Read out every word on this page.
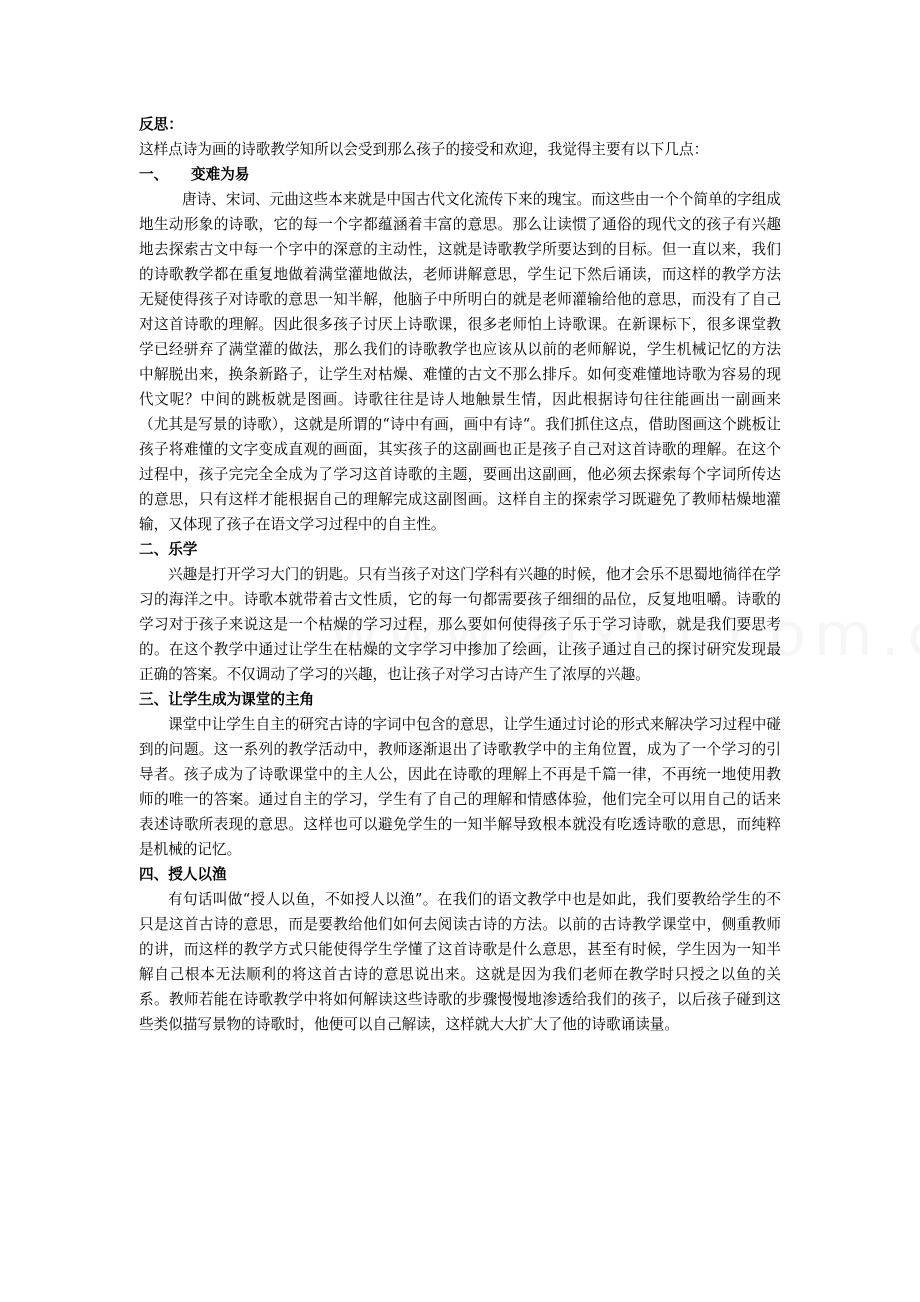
反思：

这样点诗为画的诗歌教学知所以会受到那么孩子的接受和欢迎，我觉得主要有以下几点：

一、 变难为易

唐诗、宋词、元曲这些本来就是中国古代文化流传下来的瑰宝。而这些由一个个简单的字组成地生动形象的诗歌，它的每一个字都蕴涵着丰富的意思。那么让读惯了通俗的现代文的孩子有兴趣地去探索古文中每一个字中的深意的主动性，这就是诗歌教学所要达到的目标。但一直以来，我们的诗歌教学都在重复地做着满堂灌地做法，老师讲解意思，学生记下然后诵读，而这样的教学方法无疑使得孩子对诗歌的意思一知半解，他脑子中所明白的就是老师灌输给他的意思，而没有了自己对这首诗歌的理解。因此很多孩子讨厌上诗歌课，很多老师怕上诗歌课。在新课标下，很多课堂教学已经骈弃了满堂灌的做法，那么我们的诗歌教学也应该从以前的老师解说，学生机械记忆的方法中解脱出来，换条新路子，让学生对枯燥、难懂的古文不那么排斥。如何变难懂地诗歌为容易的现代文呢？中间的跳板就是图画。诗歌往往是诗人地触景生情，因此根据诗句往往能画出一副画来（尤其是写景的诗歌），这就是所谓的“诗中有画，画中有诗“。我们抓住这点，借助图画这个跳板让孩子将难懂的文字变成直观的画面，其实孩子的这副画也正是孩子自己对这首诗歌的理解。在这个过程中，孩子完完全全成为了学习这首诗歌的主题，要画出这副画，他必须去探索每个字词所传达的意思，只有这样才能根据自己的理解完成这副图画。这样自主的探索学习既避免了教师枯燥地灌输，又体现了孩子在语文学习过程中的自主性。

二、乐学

兴趣是打开学习大门的钥匙。只有当孩子对这门学科有兴趣的时候，他才会乐不思蜀地徜徉在学习的海洋之中。诗歌本就带着古文性质，它的每一句都需要孩子细细的品位，反复地咀嚼。诗歌的学习对于孩子来说这是一个枯燥的学习过程，那么要如何使得孩子乐于学习诗歌，就是我们要思考的。在这个教学中通过让学生在枯燥的文字学习中掺加了绘画，让孩子通过自己的探讨研究发现最正确的答案。不仅调动了学习的兴趣，也让孩子对学习古诗产生了浓厚的兴趣。

三、让学生成为课堂的主角

课堂中让学生自主的研究古诗的字词中包含的意思，让学生通过讨论的形式来解决学习过程中碰到的问题。这一系列的教学活动中，教师逐渐退出了诗歌教学中的主角位置，成为了一个学习的引导者。孩子成为了诗歌课堂中的主人公，因此在诗歌的理解上不再是千篇一律，不再统一地使用教师的唯一的答案。通过自主的学习，学生有了自己的理解和情感体验，他们完全可以用自己的话来表述诗歌所表现的意思。这样也可以避免学生的一知半解导致根本就没有吃透诗歌的意思，而纯粹是机械的记忆。

四、授人以渔

有句话叫做“授人以鱼，不如授人以渔”。在我们的语文教学中也是如此，我们要教给学生的不只是这首古诗的意思，而是要教给他们如何去阅读古诗的方法。以前的古诗教学课堂中，侧重教师的讲，而这样的教学方式只能使得学生学懂了这首诗歌是什么意思，甚至有时候，学生因为一知半解自己根本无法顺利的将这首古诗的意思说出来。这就是因为我们老师在教学时只授之以鱼的关系。教师若能在诗歌教学中将如何解读这些诗歌的步骤慢慢地渗透给我们的孩子，以后孩子碰到这些类似描写景物的诗歌时，他便可以自己解读，这样就大大扩大了他的诗歌诵读量。
